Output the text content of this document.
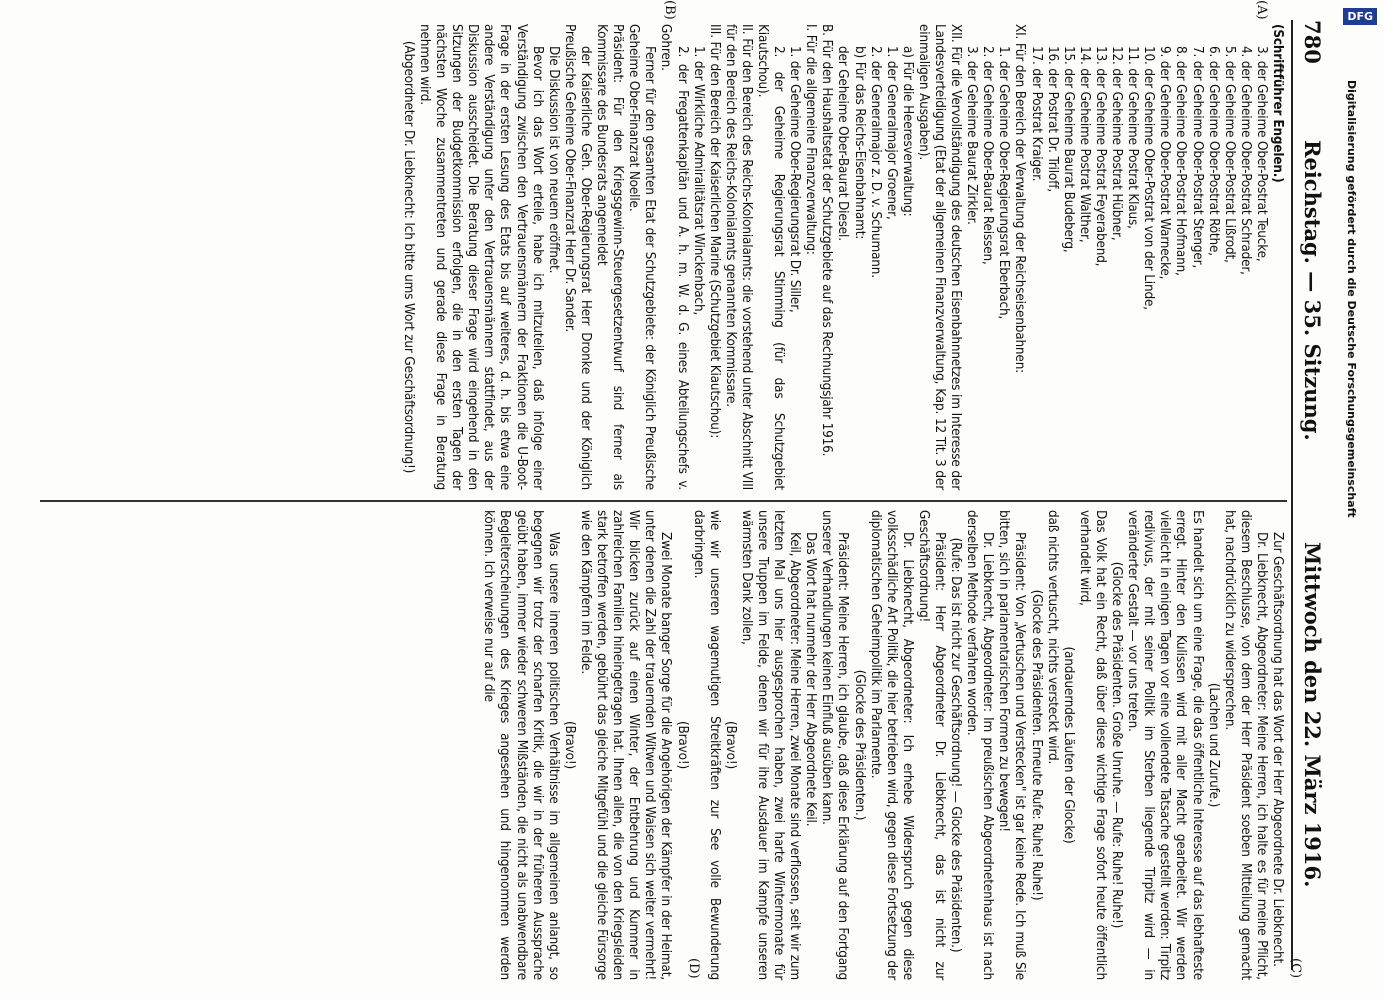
780
Reichstag. — 35. Sitzung.
Mittwoch den 22. März 1916.
(A)
(B)
(C)
(D)

(Schriftführer Engelen.)

3. der Geheime Ober-Postrat Teucke,

4. der Geheime Ober-Postrat Schrader,

5. der Geheime Ober-Postrat Lißrodt,

6. der Geheime Ober-Postrat Röthe,

7. der Geheime Ober-Postrat Stenger,

8. der Geheime Ober-Postrat Hofmann,

9. der Geheime Ober-Postrat Warnecke,

10. der Geheime Ober-Postrat von der Linde,

11. der Geheime Postrat Klaus,

12. der Geheime Postrat Hübner,

13. der Geheime Postrat Feyerabend,

14. der Geheime Postrat Walther,

15. der Geheime Baurat Budeberg,

16. der Postrat Dr. Triloff,

17. der Postrat Kraiger.

XI. Für den Bereich der Verwaltung der Reichseisenbahnen:

1. der Geheime Ober-Regierungsrat Eberbach,

2. der Geheime Ober-Baurat Reissen,

3. der Geheime Baurat Zirkler.

XII. Für die Vervollständigung des deutschen Eisenbahnnetzes im Interesse der Landesverteidigung (Etat der allgemeinen Finanzverwaltung, Kap. 12 Tit. 3 der einmaligen Ausgaben).

a) Für die Heeresverwaltung:

1. der Generalmajor Groener,

2. der Generalmajor z. D. v. Schumann.

b) Für das Reichs-Eisenbahnamt:

der Geheime Ober-Baurat Diesel.

B. Für den Haushaltsetat der Schutzgebiete auf das Rechnungsjahr 1916.

I. Für die allgemeine Finanzverwaltung:

1. der Geheime Ober-Regierungsrat Dr. Siller,

2. der Geheime Regierungsrat Stimming (für das Schutzgebiet Kiautschou).

II. Für den Bereich des Reichs-Kolonialamts: die vorstehend unter Abschnitt VIII für den Bereich des Reichs-Kolonialamts genannten Kommissare.

III. Für den Bereich der Kaiserlichen Marine (Schutzgebiet Kiautschou):

1. der Wirkliche Admiralitätsrat Winckenbach,

2. der Fregattenkapitän und A. h. m. W. d. G. eines Abteilungschefs v. Gohren.

Ferner für den gesamten Etat der Schutzgebiete: der Königlich Preußische Geheime Ober-Finanzrat Noelle.

Präsident: Für den Kriegsgewinn-Steuergesetzentwurf sind ferner als Kommissare des Bundesrats angemeldet

der Kaiserliche Geh. Ober-Regierungsrat Herr Dronke und der Königlich Preußische Geheime Ober-Finanzrat Herr Dr. Sander.

Die Diskussion ist von neuem eröffnet.

Bevor ich das Wort erteile, habe ich mitzuteilen, daß infolge einer Verständigung zwischen den Vertrauensmännern der Fraktionen die U-Boot-Frage in der ersten Lesung des Etats bis auf weiteres, d. h. bis etwa eine andere Verständigung unter den Vertrauensmännern stattfindet, aus der Diskussion ausscheidet. Die Beratung dieser Frage wird eingehend in den Sitzungen der Budgetkommission erfolgen, die in den ersten Tagen der nächsten Woche zusammentreten und gerade diese Frage in Beratung nehmen wird.

(Abgeordneter Dr. Liebknecht: Ich bitte ums Wort zur Geschäftsordnung!)

Zur Geschäftsordnung hat das Wort der Herr Abgeordnete Dr. Liebknecht.

Dr. Liebknecht, Abgeordneter: Meine Herren, ich halte es für meine Pflicht, diesem Beschlusse, von dem der Herr Präsident soeben Mitteilung gemacht hat, nachdrücklich zu widersprechen.

(Lachen und Zurufe.)

Es handelt sich um eine Frage, die das öffentliche Interesse auf das lebhafteste erregt. Hinter den Kulissen wird mit aller Macht gearbeitet. Wir werden vielleicht in einigen Tagen vor eine vollendete Tatsache gestellt werden: Tirpitz redivivus, der mit seiner Politik im Sterben liegende Tirpitz wird — in veränderter Gestalt — vor uns treten.

(Glocke des Präsidenten. Große Unruhe. — Rufe: Ruhe! Ruhe!)

Das Volk hat ein Recht, daß über diese wichtige Frage sofort heute öffentlich verhandelt wird,

(andauerndes Läuten der Glocke)

daß nichts vertuscht, nichts versteckt wird.

(Glocke des Präsidenten. Erneute Rufe: Ruhe! Ruhe!)

Präsident: Von „Vertuschen und Verstecken" ist gar keine Rede. Ich muß Sie bitten, sich in parlamentarischen Formen zu bewegen!

Dr. Liebknecht, Abgeordneter: Im preußischen Abgeordnetenhaus ist nach derselben Methode verfahren worden.

(Rufe: Das ist nicht zur Geschäftsordnung! — Glocke des Präsidenten.)

Präsident: Herr Abgeordneter Dr. Liebknecht, das ist nicht zur Geschäftsordnung!

Dr. Liebknecht, Abgeordneter: Ich erhebe Widerspruch gegen diese volksschädliche Art Politik, die hier betrieben wird, gegen diese Fortsetzung der diplomatischen Geheimpolitik im Parlamente.

(Glocke des Präsidenten.)

Präsident: Meine Herren, ich glaube, daß diese Erklärung auf den Fortgang unserer Verhandlungen keinen Einfluß ausüben kann.

Das Wort hat nunmehr der Herr Abgeordnete Keil.

Keil, Abgeordneter: Meine Herren, zwei Monate sind verflossen, seit wir zum letzten Mal uns hier ausgesprochen haben, zwei harte Wintermonate für unsere Truppen im Felde, denen wir für ihre Ausdauer im Kampfe unseren wärmsten Dank zollen,

(Bravo!)

wie wir unseren wagemutigen Streitkräften zur See volle Bewunderung darbringen.

(Bravo!)

Zwei Monate banger Sorge für die Angehörigen der Kämpfer in der Heimat, unter denen die Zahl der trauernden Witwen und Waisen sich weiter vermehrt! Wir blicken zurück auf einen Winter, der Entbehrung und Kummer in zahlreichen Familien hineingetragen hat. Ihnen allen, die von den Kriegsleiden stark betroffen werden, gebührt das gleiche Mitgefühl und die gleiche Fürsorge wie den Kämpfern im Felde.

(Bravo!)

Was unsere inneren politischen Verhältnisse im allgemeinen anlangt, so begegnen wir trotz der scharfen Kritik, die wir in der früheren Aussprache geübt haben, immer wieder schweren Mißständen, die nicht als unabwendbare Begleiterscheinungen des Krieges angesehen und hingenommen werden können. Ich verweise nur auf die

Digitalisierung gefördert durch die Deutsche Forschungsgemeinschaft
DFG
